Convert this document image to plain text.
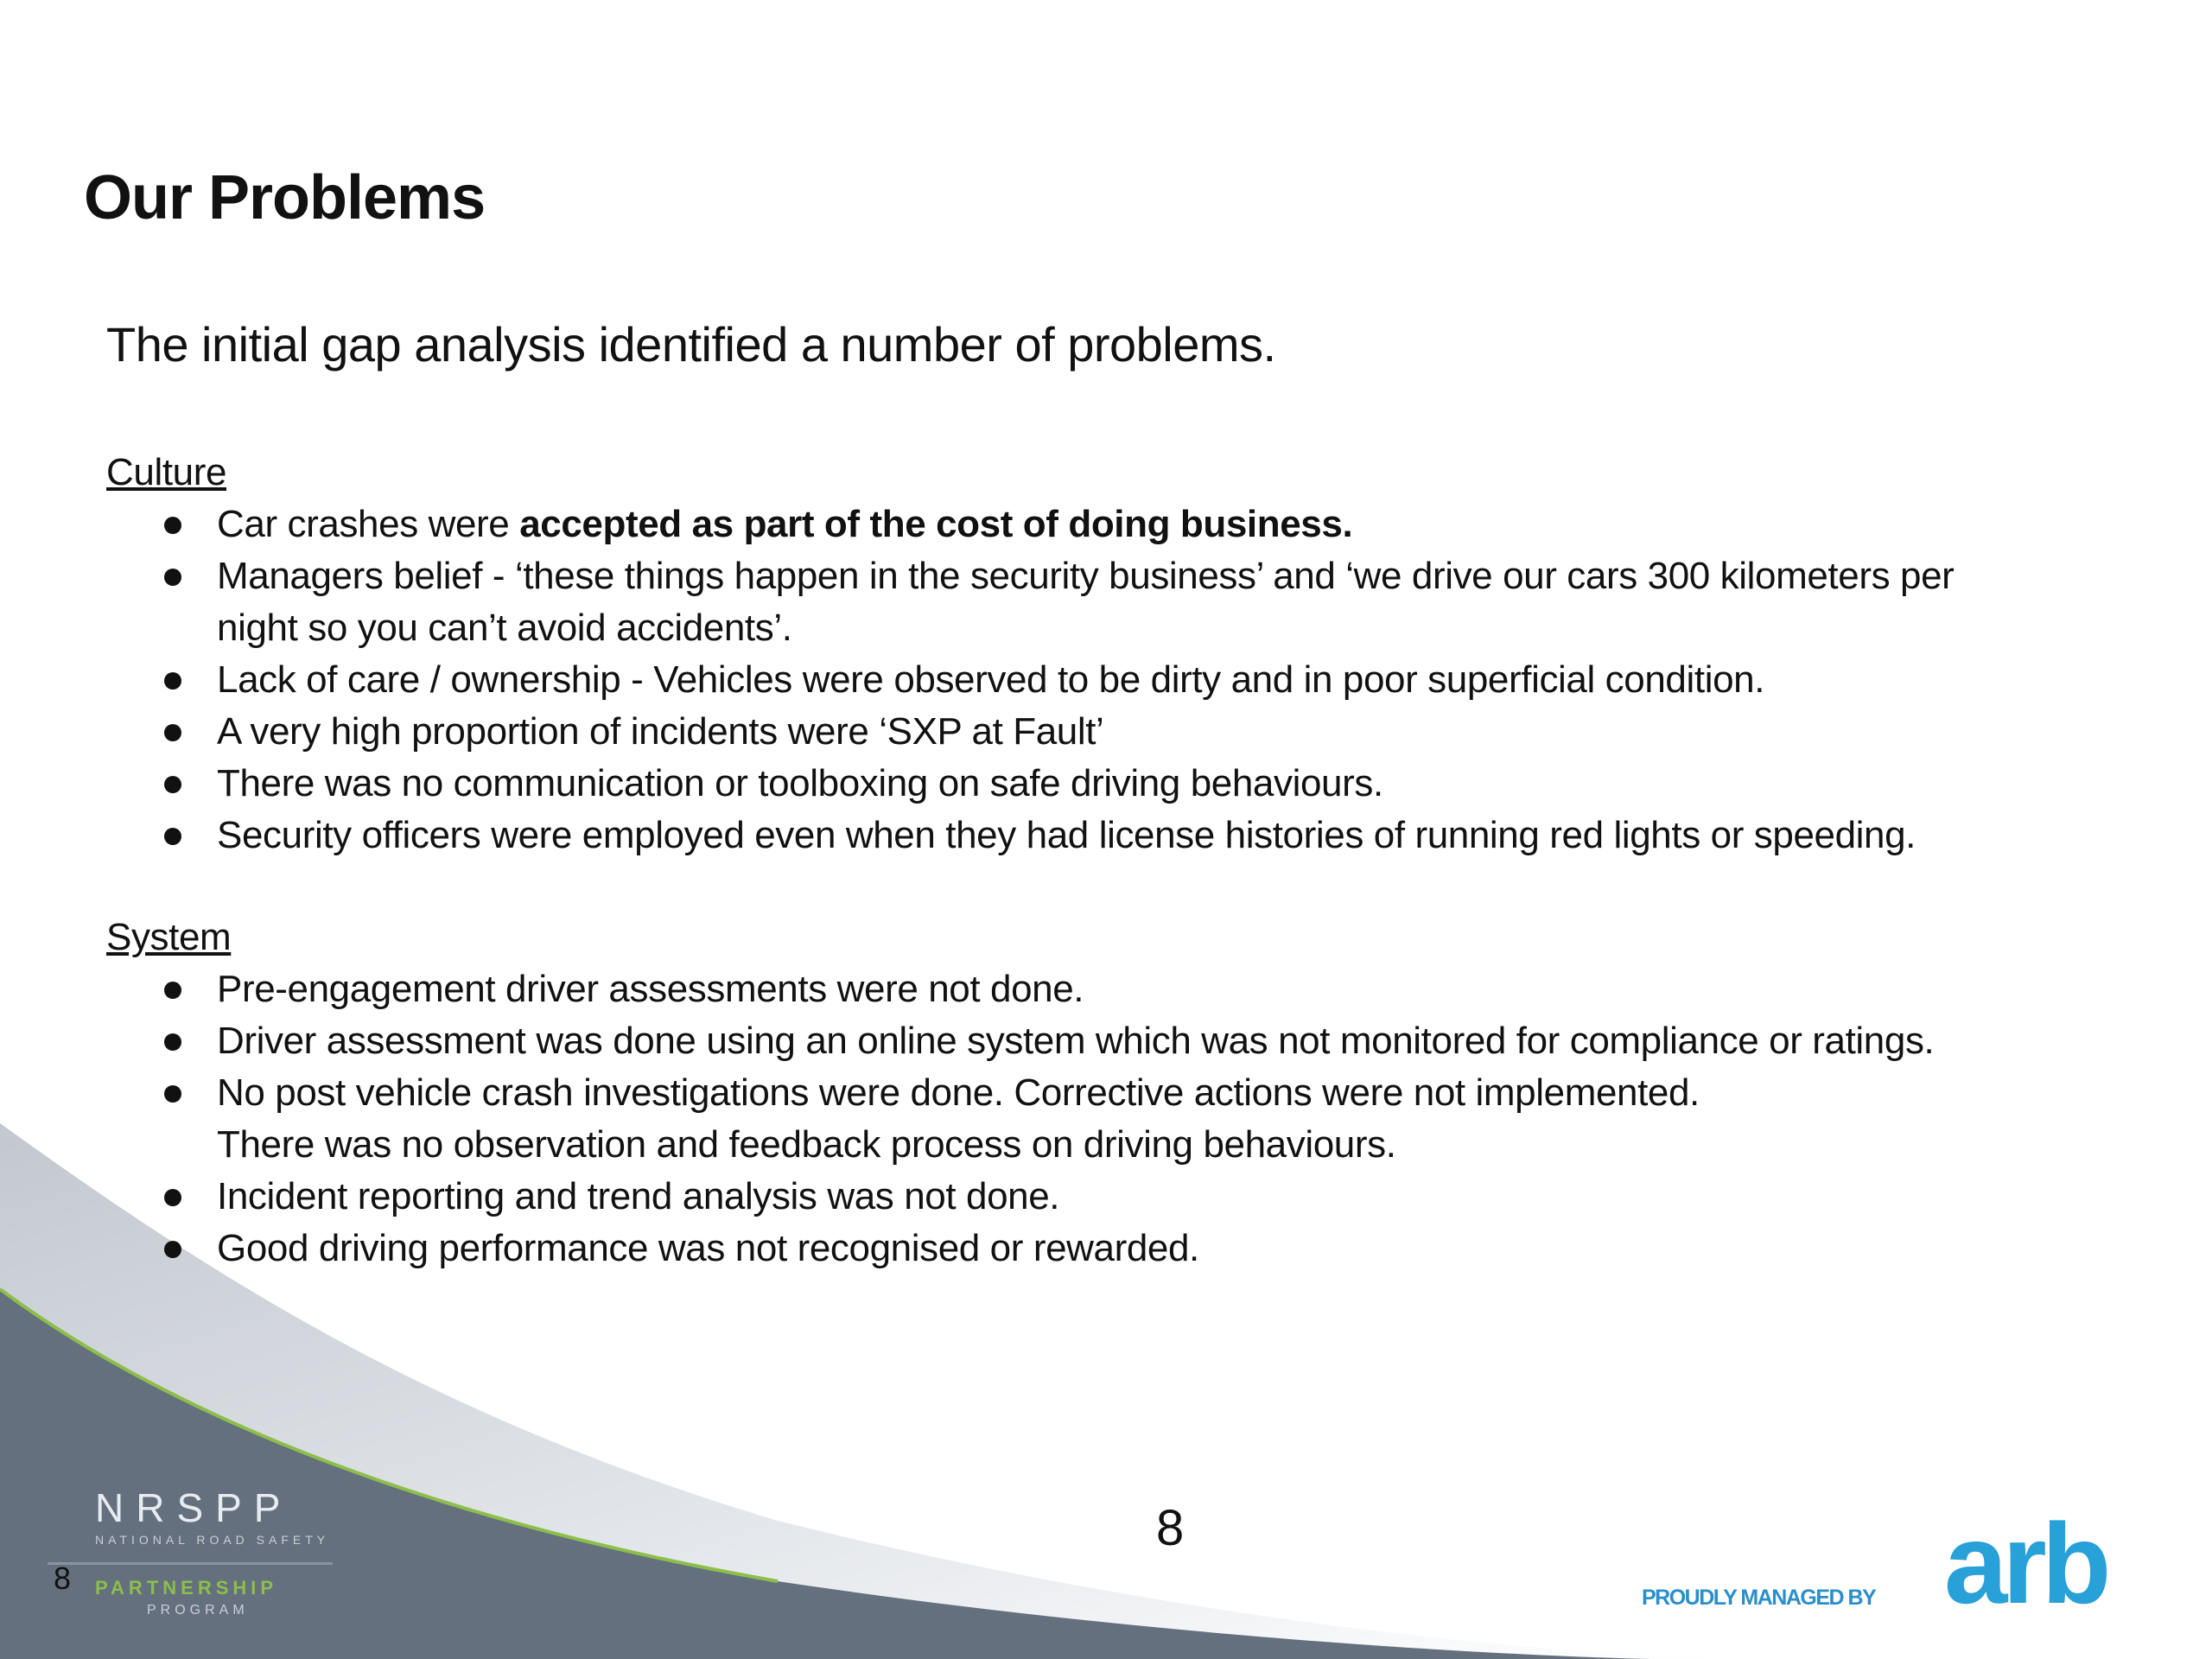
Our Problems
The initial gap analysis identified a number of problems.
Culture
Car crashes were accepted as part of the cost of doing business.
Managers belief - ‘these things happen in the security business’ and ‘we drive our cars 300 kilometers per
night so you can’t avoid accidents’.
Lack of care / ownership - Vehicles were observed to be dirty and in poor superficial condition.
A very high proportion of incidents were ‘SXP at Fault’
There was no communication or toolboxing on safe driving behaviours.
Security officers were employed even when they had license histories of running red lights or speeding.
System
Pre-engagement driver assessments were not done.
Driver assessment was done using an online system which was not monitored for compliance or ratings.
No post vehicle crash investigations were done. Corrective actions were not implemented.
There was no observation and feedback process on driving behaviours.
Incident reporting and trend analysis was not done.
Good driving performance was not recognised or rewarded.
8
NRSPP
NATIONAL ROAD SAFETY
PARTNERSHIP
PROGRAM
8
PROUDLY MANAGED BY arb
